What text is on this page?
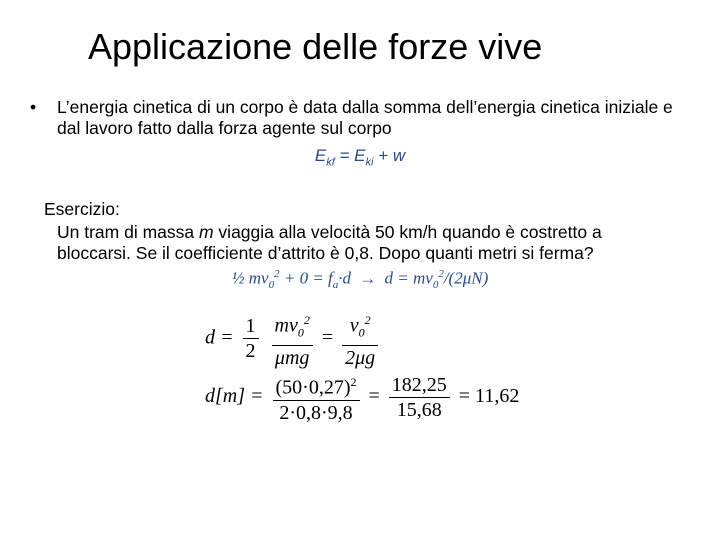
Applicazione delle forze vive
• L’energia cinetica di un corpo è data dalla somma dell’energia cinetica iniziale e dal lavoro fatto dalla forza agente sul corpo
$E_{kf} = E_{ki} + w$
Esercizio:
Un tram di massa m viaggia alla velocità 50 km/h quando è costretto a bloccarsi. Se il coefficiente d’attrito è 0,8. Dopo quanti metri si ferma?
½ $mv_0^2 + 0 = f_a\cdot d \to d = mv_0^2/(2\mu N)$
$d = \frac{1}{2}$
$\frac{mv_0^2}{\text{μmg}} = \frac{v_0^2}{2\mu g}$
$d[m] = \frac{(50\cdot 0,27)^2}{2\cdot 0,8\cdot 9,8} = \frac{182,25}{15,68} = 11,62$
